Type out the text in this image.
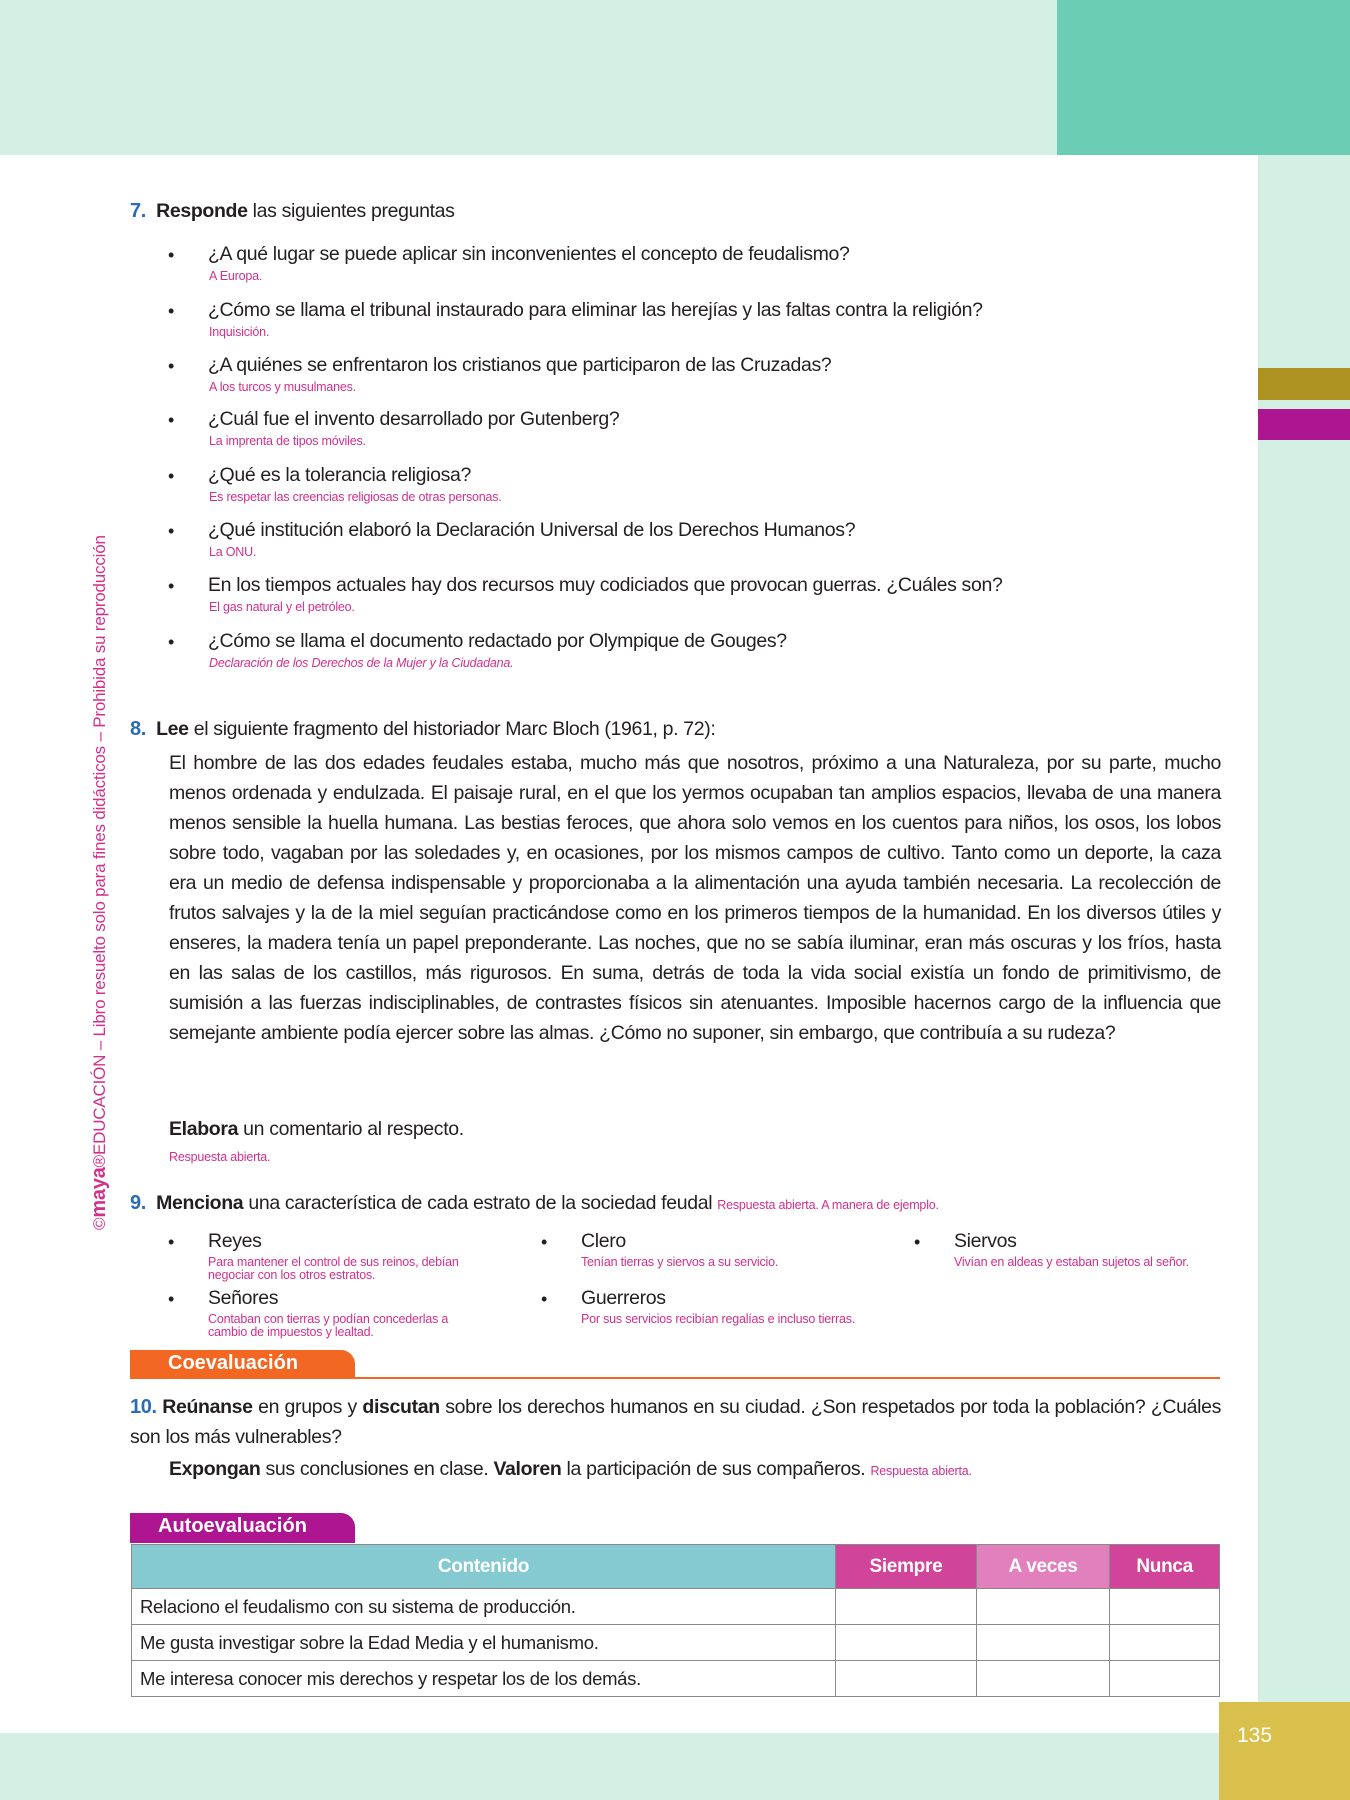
135
©maya®EDUCACIÓN – Libro resuelto solo para fines didácticos – Prohibida su reproducción
7. Responde las siguientes preguntas
• ¿A qué lugar se puede aplicar sin inconvenientes el concepto de feudalismo?
A Europa.
• ¿Cómo se llama el tribunal instaurado para eliminar las herejías y las faltas contra la religión?
Inquisición.
• ¿A quiénes se enfrentaron los cristianos que participaron de las Cruzadas?
A los turcos y musulmanes.
• ¿Cuál fue el invento desarrollado por Gutenberg?
La imprenta de tipos móviles.
• ¿Qué es la tolerancia religiosa?
Es respetar las creencias religiosas de otras personas.
• ¿Qué institución elaboró la Declaración Universal de los Derechos Humanos?
La ONU.
• En los tiempos actuales hay dos recursos muy codiciados que provocan guerras. ¿Cuáles son?
El gas natural y el petróleo.
• ¿Cómo se llama el documento redactado por Olympique de Gouges?
Declaración de los Derechos de la Mujer y la Ciudadana.
8. Lee el siguiente fragmento del historiador Marc Bloch (1961, p. 72):
El hombre de las dos edades feudales estaba, mucho más que nosotros, próximo a una Naturaleza, por su parte, mucho menos ordenada y endulzada. El paisaje rural, en el que los yermos ocupaban tan amplios espacios, llevaba de una manera menos sensible la huella humana. Las bestias feroces, que ahora solo vemos en los cuentos para niños, los osos, los lobos sobre todo, vagaban por las soledades y, en ocasiones, por los mismos campos de cultivo. Tanto como un deporte, la caza era un medio de defensa indispensable y proporcionaba a la alimentación una ayuda también necesaria. La recolección de frutos salvajes y la de la miel seguían practicándose como en los primeros tiempos de la humanidad. En los diversos útiles y enseres, la madera tenía un papel preponderante. Las noches, que no se sabía iluminar, eran más oscuras y los fríos, hasta en las salas de los castillos, más rigurosos. En suma, detrás de toda la vida social existía un fondo de primitivismo, de sumisión a las fuerzas indisciplinables, de contrastes físicos sin atenuantes. Imposible hacernos cargo de la influencia que semejante ambiente podía ejercer sobre las almas. ¿Cómo no suponer, sin embargo, que contribuía a su rudeza?
Elabora un comentario al respecto.
Respuesta abierta.
9. Menciona una característica de cada estrato de la sociedad feudal Respuesta abierta. A manera de ejemplo.
• Reyes
Para mantener el control de sus reinos, debían negociar con los otros estratos.
• Señores
Contaban con tierras y podían concederlas a cambio de impuestos y lealtad.
• Clero
Tenían tierras y siervos a su servicio.
• Guerreros
Por sus servicios recibían regalías e incluso tierras.
• Siervos
Vivían en aldeas y estaban sujetos al señor.
Coevaluación
10. Reúnanse en grupos y discutan sobre los derechos humanos en su ciudad. ¿Son respetados por toda la población? ¿Cuáles son los más vulnerables?
Expongan sus conclusiones en clase. Valoren la participación de sus compañeros. Respuesta abierta.
Autoevaluación
Contenido	Siempre	A veces	Nunca
Relaciono el feudalismo con su sistema de producción.			
Me gusta investigar sobre la Edad Media y el humanismo.			
Me interesa conocer mis derechos y respetar los de los demás.			
